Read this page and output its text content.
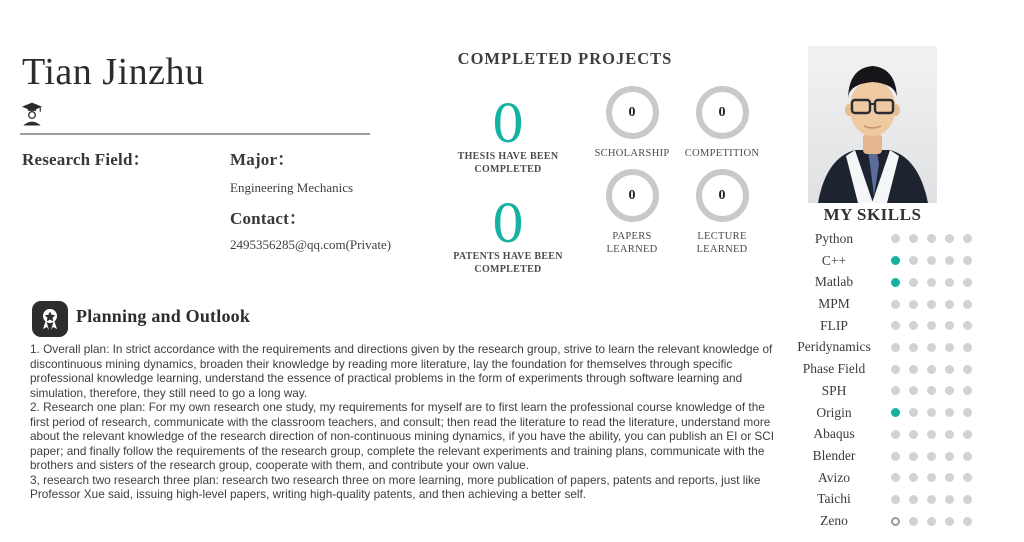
Tian Jinzhu
Research Field：	Major：
Engineering Mechanics
Contact：
2495356285@qq.com(Private)
COMPLETED PROJECTS
0
THESIS HAVE BEEN COMPLETED
0
PATENTS HAVE BEEN COMPLETED
0
SCHOLARSHIP
0
COMPETITION
0
PAPERS LEARNED
0
LECTURE LEARNED
MY SKILLS
Python
C++
Matlab
MPM
FLIP
Peridynamics
Phase Field
SPH
Origin
Abaqus
Blender
Avizo
Taichi
Zeno
Planning and Outlook

1. Overall plan: In strict accordance with the requirements and directions given by the research group, strive to learn the relevant knowledge of discontinuous mining dynamics, broaden their knowledge by reading more literature, lay the foundation for themselves through specific professional knowledge learning, understand the essence of practical problems in the form of experiments through software learning and simulation, therefore, they still need to go a long way.

2. Research one plan: For my own research one study, my requirements for myself are to first learn the professional course knowledge of the first period of research, communicate with the classroom teachers, and consult; then read the literature to read the literature, understand more about the relevant knowledge of the research direction of non-continuous mining dynamics, if you have the ability, you can publish an EI or SCI paper; and finally follow the requirements of the research group, complete the relevant experiments and training plans, communicate with the brothers and sisters of the research group, cooperate with them, and contribute your own value.

3, research two research three plan: research two research three on more learning, more publication of papers, patents and reports, just like Professor Xue said, issuing high-level papers, writing high-quality patents, and then achieving a better self.
